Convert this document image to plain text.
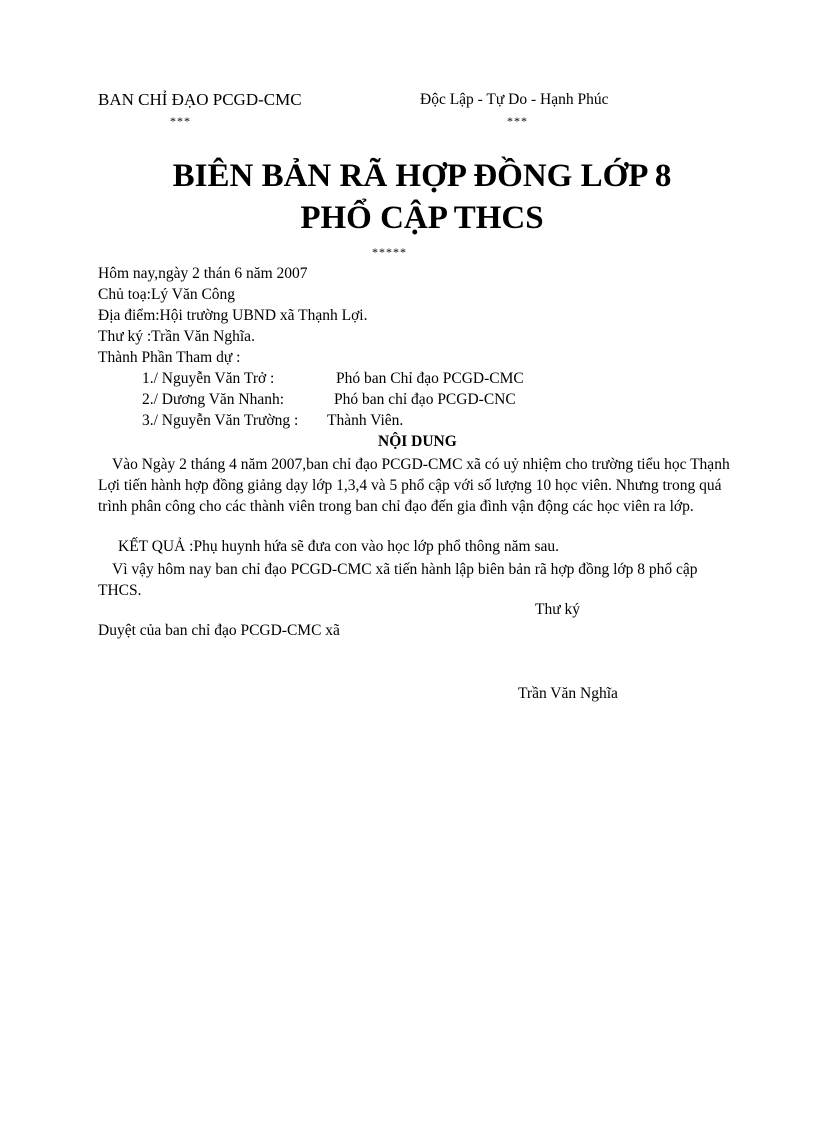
BAN CHỈ ĐẠO PCGD-CMC	Độc Lập - Tự Do - Hạnh Phúc
***	***
BIÊN BẢN RÃ HỢP ĐỒNG LỚP 8
PHỔ CẬP THCS
*****
Hôm nay,ngày 2 thán 6 năm 2007
Chủ toạ:Lý Văn Công
Địa điểm:Hội trường UBND xã Thạnh Lợi.
Thư ký :Trần Văn Nghĩa.
Thành Phần Tham dự :
1./ Nguyễn Văn Trở :	Phó ban Chỉ đạo PCGD-CMC
2./ Dương Văn Nhanh:	Phó ban chỉ đạo PCGD-CNC
3./ Nguyễn Văn Trường : Thành Viên.
NỘI DUNG

Vào Ngày 2 tháng 4 năm 2007,ban chỉ đạo PCGD-CMC xã có uỷ nhiệm cho trường tiểu học Thạnh Lợi tiến hành hợp đồng giảng dạy lớp 1,3,4 và 5 phổ cập với số lượng 10 học viên. Nhưng trong quá trình phân công cho các thành viên trong ban chỉ đạo đến gia đình vận động các học viên ra lớp.

KẾT QUẢ :Phụ huynh hứa sẽ đưa con vào học lớp phổ thông năm sau.

Vì vậy hôm nay ban chỉ đạo PCGD-CMC xã tiến hành lập biên bản rã hợp đồng lớp 8 phổ cập THCS.

Thư ký
Duyệt của ban chỉ đạo PCGD-CMC xã
Trần Văn Nghĩa
